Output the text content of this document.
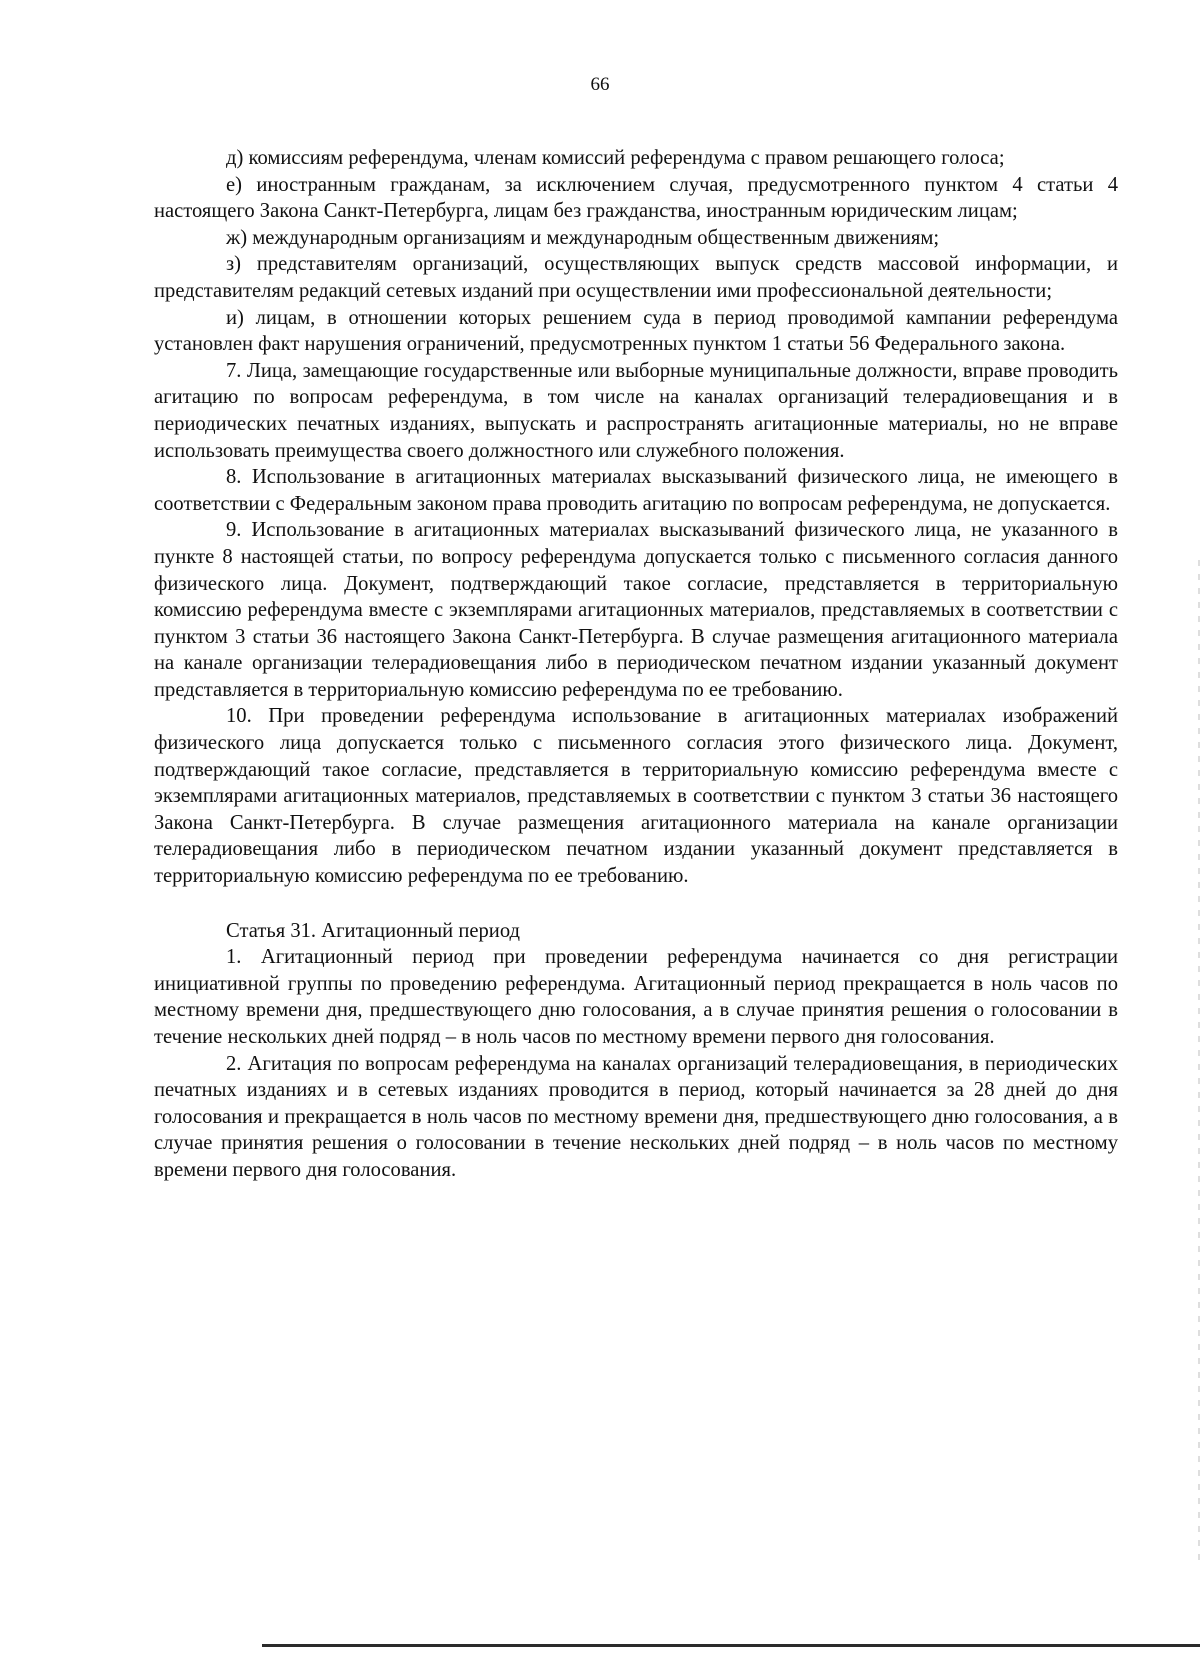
66

д) комиссиям референдума, членам комиссий референдума с правом решающего голоса;

е) иностранным гражданам, за исключением случая, предусмотренного пунктом 4 статьи 4 настоящего Закона Санкт-Петербурга, лицам без гражданства, иностранным юридическим лицам;

ж) международным организациям и международным общественным движениям;

з) представителям организаций, осуществляющих выпуск средств массовой информации, и представителям редакций сетевых изданий при осуществлении ими профессиональной деятельности;

и) лицам, в отношении которых решением суда в период проводимой кампании референдума установлен факт нарушения ограничений, предусмотренных пунктом 1 статьи 56 Федерального закона.

7. Лица, замещающие государственные или выборные муниципальные должности, вправе проводить агитацию по вопросам референдума, в том числе на каналах организаций телерадиовещания и в периодических печатных изданиях, выпускать и распространять агитационные материалы, но не вправе использовать преимущества своего должностного или служебного положения.

8. Использование в агитационных материалах высказываний физического лица, не имеющего в соответствии с Федеральным законом права проводить агитацию по вопросам референдума, не допускается.

9. Использование в агитационных материалах высказываний физического лица, не указанного в пункте 8 настоящей статьи, по вопросу референдума допускается только с письменного согласия данного физического лица. Документ, подтверждающий такое согласие, представляется в территориальную комиссию референдума вместе с экземплярами агитационных материалов, представляемых в соответствии с пунктом 3 статьи 36 настоящего Закона Санкт-Петербурга. В случае размещения агитационного материала на канале организации телерадиовещания либо в периодическом печатном издании указанный документ представляется в территориальную комиссию референдума по ее требованию.

10. При проведении референдума использование в агитационных материалах изображений физического лица допускается только с письменного согласия этого физического лица. Документ, подтверждающий такое согласие, представляется в территориальную комиссию референдума вместе с экземплярами агитационных материалов, представляемых в соответствии с пунктом 3 статьи 36 настоящего Закона Санкт-Петербурга. В случае размещения агитационного материала на канале организации телерадиовещания либо в периодическом печатном издании указанный документ представляется в территориальную комиссию референдума по ее требованию.

Статья 31. Агитационный период

1. Агитационный период при проведении референдума начинается со дня регистрации инициативной группы по проведению референдума. Агитационный период прекращается в ноль часов по местному времени дня, предшествующего дню голосования, а в случае принятия решения о голосовании в течение нескольких дней подряд – в ноль часов по местному времени первого дня голосования.

2. Агитация по вопросам референдума на каналах организаций телерадиовещания, в периодических печатных изданиях и в сетевых изданиях проводится в период, который начинается за 28 дней до дня голосования и прекращается в ноль часов по местному времени дня, предшествующего дню голосования, а в случае принятия решения о голосовании в течение нескольких дней подряд – в ноль часов по местному времени первого дня голосования.
